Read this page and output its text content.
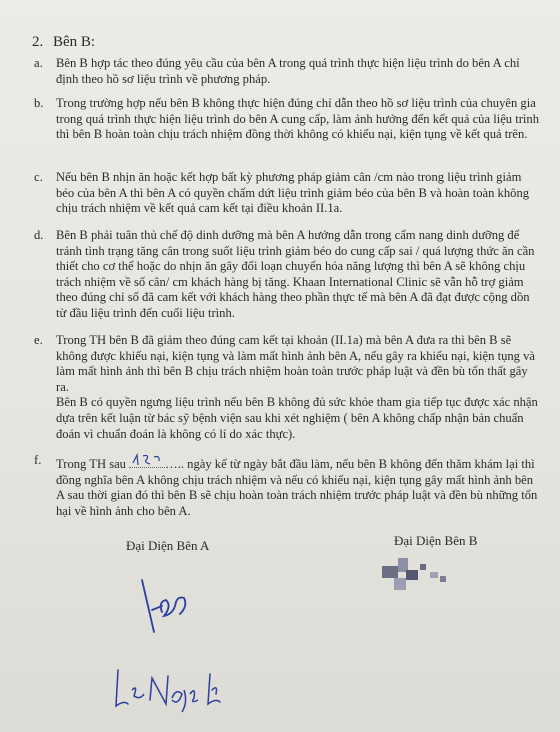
2. Bên B:
a. Bên B hợp tác theo đúng yêu cầu của bên A trong quá trình thực hiện liệu trình do bên A chỉ định theo hồ sơ liệu trình về phương pháp.
b. Trong trường hợp nếu bên B không thực hiện đúng chỉ dẫn theo hồ sơ liệu trình của chuyên gia trong quá trình thực hiện liệu trình do bên A cung cấp, làm ảnh hưởng đến kết quả của liệu trình thì bên B hoàn toàn chịu trách nhiệm đồng thời không có khiếu nại, kiện tụng về kết quả trên.
c. Nếu bên B nhịn ăn hoặc kết hợp bất kỳ phương pháp giảm cân /cm nào trong liệu trình giảm béo của bên A thì bên A có quyền chấm dứt liệu trình giảm béo của bên B và hoàn toàn không chịu trách nhiệm về kết quả cam kết tại điều khoản II.1a.
d. Bên B phải tuân thủ chế độ dinh dưỡng mà bên A hướng dẫn trong cẩm nang dinh dưỡng để tránh tình trạng tăng cân trong suốt liệu trình giảm béo do cung cấp sai / quá lượng thức ăn cần thiết cho cơ thể hoặc do nhịn ăn gây đối loạn chuyển hóa năng lượng thì bên A sẽ không chịu trách nhiệm về số cân/ cm khách hàng bị tăng. Khaan International Clinic sẽ vẫn hỗ trợ giảm theo đúng chỉ số đã cam kết với khách hàng theo phần thực tế mà bên A đã đạt được cộng dồn từ đầu liệu trình đến cuối liệu trình.
e. Trong TH bên B đã giảm theo đúng cam kết tại khoản (II.1a) mà bên A đưa ra thì bên B sẽ không được khiếu nại, kiện tụng và làm mất hình ảnh bên A, nếu gây ra khiếu nại, kiện tụng và làm mất hình ảnh thì bên B chịu trách nhiệm hoàn toàn trước pháp luật và đền bù tổn thất gây ra.
Bên B có quyền ngưng liệu trình nếu bên B không đủ sức khỏe tham gia tiếp tục được xác nhận dựa trên kết luận từ bác sỹ bệnh viện sau khi xét nghiệm ( bên A không chấp nhận bản chuẩn đoán vì chuẩn đoán là không có lí do xác thực).
f. Trong TH sau	….. ngày kể từ ngày bắt đầu làm, nếu bên B không đến thăm khám lại thì đồng nghĩa bên A không chịu trách nhiệm và nếu có khiếu nại, kiện tụng gây mất hình ảnh bên A sau thời gian đó thì bên B sẽ chịu hoàn toàn trách nhiệm trước pháp luật và đền bù những tổn hại về hình ảnh cho bên A.
Đại Diện Bên A	Đại Diện Bên B
